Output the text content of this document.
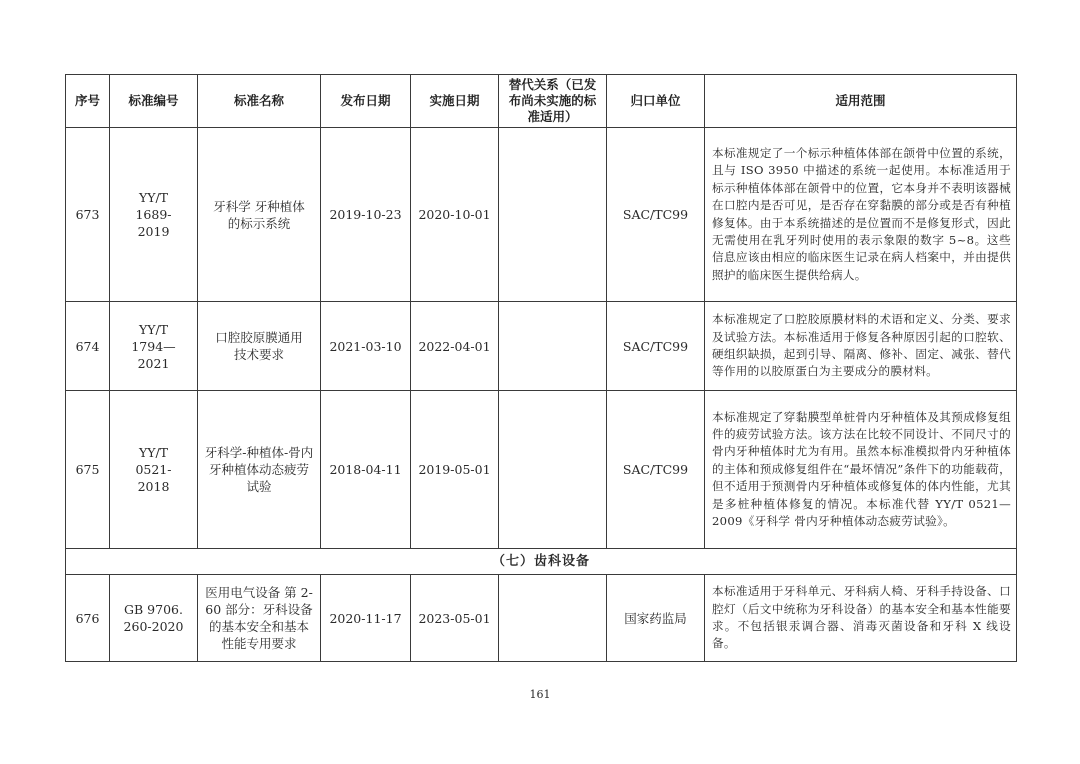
序号	标准编号	标准名称	发布日期	实施日期	替代关系（已发布尚未实施的标准适用）	归口单位	适用范围
673	YY/T 1689-2019	牙科学 牙种植体的标示系统	2019-10-23	2020-10-01		SAC/TC99	本标准规定了一个标示种植体体部在颌骨中位置的系统，且与 ISO 3950 中描述的系统一起使用。本标准适用于标示种植体体部在颌骨中的位置，它本身并不表明该器械在口腔内是否可见，是否存在穿黏膜的部分或是否有种植修复体。由于本系统描述的是位置而不是修复形式，因此无需使用在乳牙列时使用的表示象限的数字 5~8。这些信息应该由相应的临床医生记录在病人档案中，并由提供照护的临床医生提供给病人。
674	YY/T 1794—2021	口腔胶原膜通用技术要求	2021-03-10	2022-04-01		SAC/TC99	本标准规定了口腔胶原膜材料的术语和定义、分类、要求及试验方法。本标准适用于修复各种原因引起的口腔软、硬组织缺损，起到引导、隔离、修补、固定、减张、替代等作用的以胶原蛋白为主要成分的膜材料。
675	YY/T 0521-2018	牙科学-种植体-骨内牙种植体动态疲劳试验	2018-04-11	2019-05-01		SAC/TC99	本标准规定了穿黏膜型单桩骨内牙种植体及其预成修复组件的疲劳试验方法。该方法在比较不同设计、不同尺寸的骨内牙种植体时尤为有用。虽然本标准模拟骨内牙种植体的主体和预成修复组件在“最坏情况”条件下的功能载荷，但不适用于预测骨内牙种植体或修复体的体内性能，尤其是多桩种植体修复的情况。本标准代替 YY/T 0521—2009《牙科学 骨内牙种植体动态疲劳试验》。
（七）齿科设备							
676	GB 9706.260-2020	医用电气设备 第 2-60 部分：牙科设备的基本安全和基本性能专用要求	2020-11-17	2023-05-01		国家药监局	本标准适用于牙科单元、牙科病人椅、牙科手持设备、口腔灯（后文中统称为牙科设备）的基本安全和基本性能要求。不包括银汞调合器、消毒灭菌设备和牙科 X 线设备。
161
